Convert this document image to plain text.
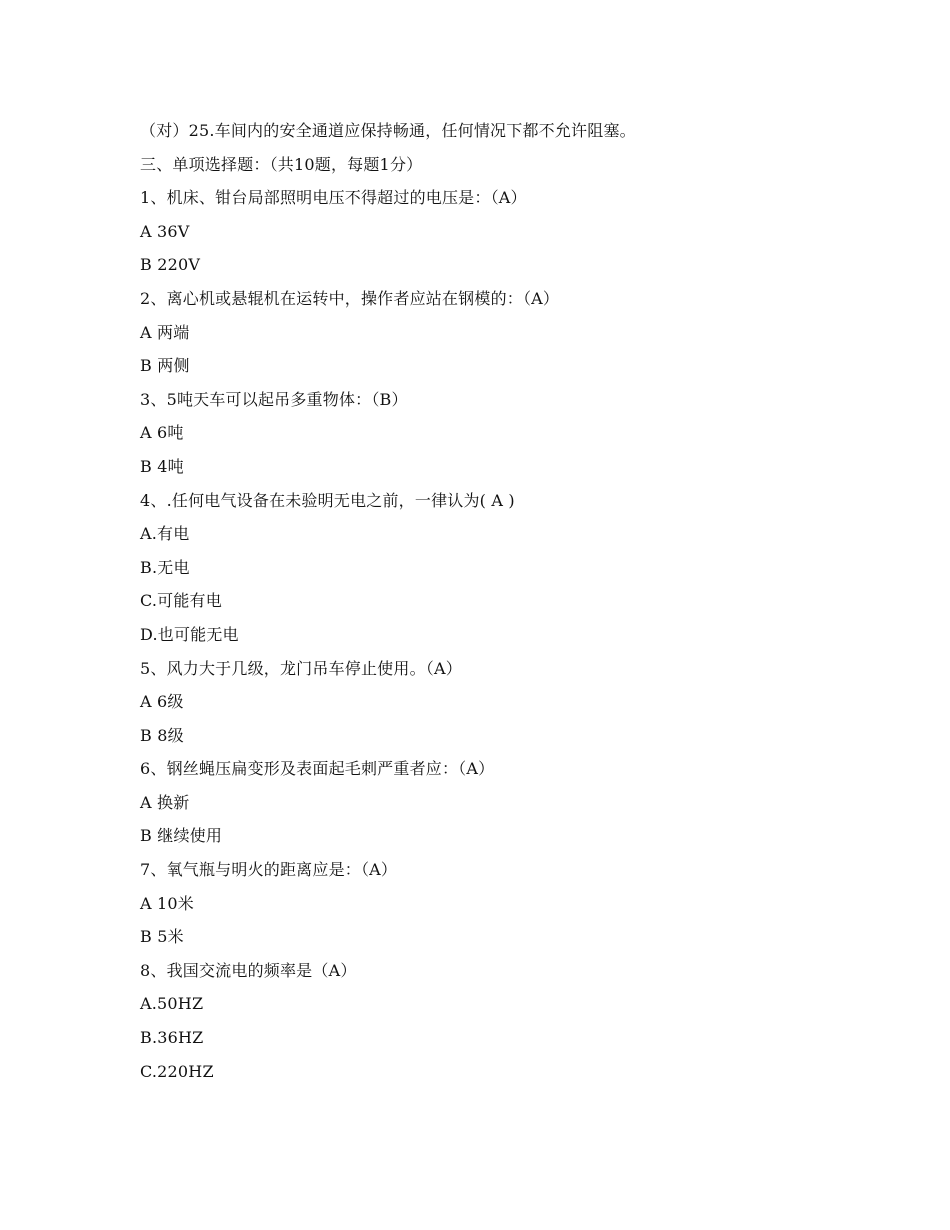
（对）25.车间内的安全通道应保持畅通，任何情况下都不允许阻塞。
三、单项选择题：（共10题，每题1分）
1、机床、钳台局部照明电压不得超过的电压是：（A）
A 36V
B 220V
2、离心机或悬辊机在运转中，操作者应站在钢模的：（A）
A 两端
B 两侧
3、5吨天车可以起吊多重物体：（B）
A 6吨
B 4吨
4、.任何电气设备在未验明无电之前，一律认为( A )
A.有电
B.无电
C.可能有电
D.也可能无电
5、风力大于几级，龙门吊车停止使用。（A）
A 6级
B 8级
6、钢丝蝇压扁变形及表面起毛刺严重者应：（A）
A 换新
B 继续使用
7、氧气瓶与明火的距离应是：（A）
A 10米
B 5米
8、我国交流电的频率是（A）
A.50HZ
B.36HZ
C.220HZ
